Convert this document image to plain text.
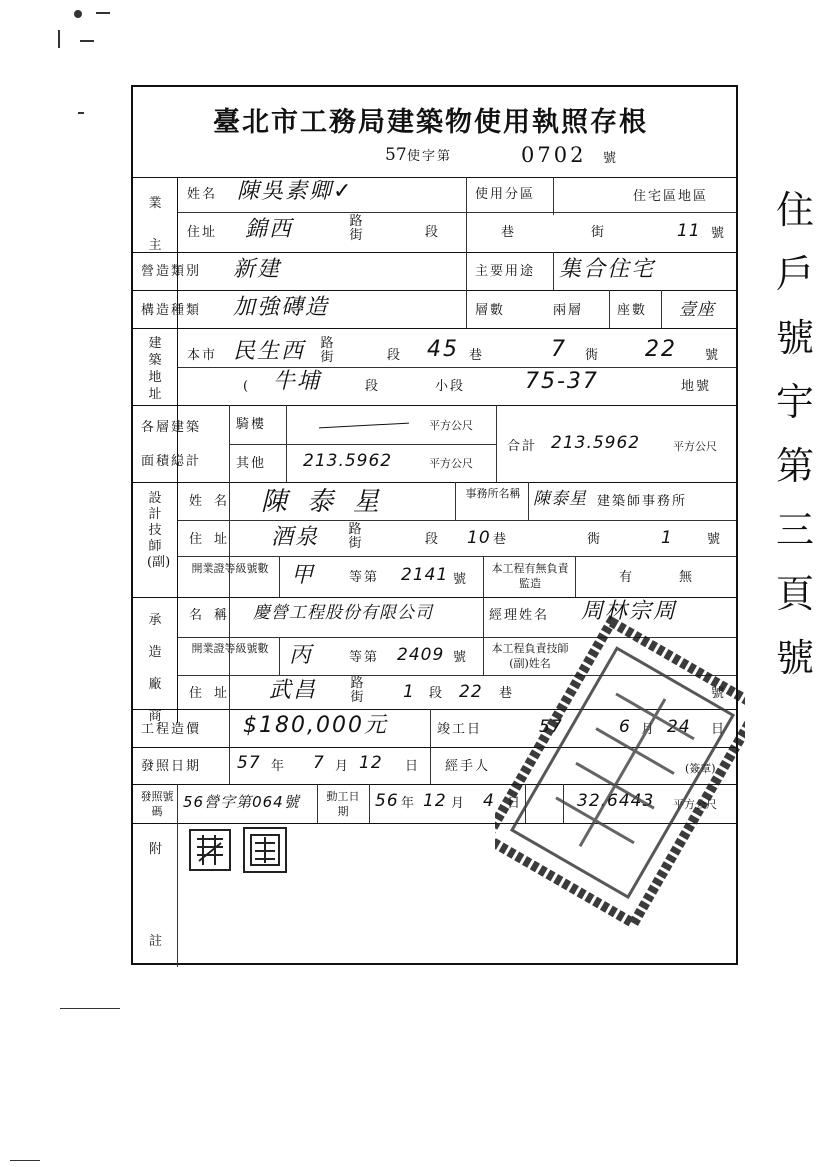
住戶號宇第 三頁號
臺北市工務局建築物使用執照存根
57 使字第	0702 號
業主
姓名 陳吳素卿✓	使用分區	住宅區地區
住址 錦西	路街	段	巷	街	11 號
營造類別 新建	主要用途 集合住宅
構造種類 加強磚造	層數	兩層	座數 壹座
建築地址
本市 民生西 路街	段 45 巷	7 衖 22 號
( 牛埔	段	小段	75-37	地號
各層建築
面積縂計
騎樓	平方公尺
其他 213.5962	平方公尺
合計 213.5962	平方公尺
設計技師(副)
姓名 陳泰星	事務所名稱 陳泰星 建築師事務所
住址 酒泉 路街	段 10 巷	衖	1	號
開業證等級號數 甲	等第 2141 號
本工程有無負責監造	有	無
承造廠商
名稱 慶營工程股份有限公司	經理姓名 周林宗周
開業證等級號數 丙	等第 2409 號
本工程負責技師(副)姓名
住址 武昌	路街 1 段 22 巷	號
工程造價 $180,000元	竣工日	57	6 月 24 日
發照日期 57 年 7 月 12 日 經手人	(簽章)
發照號碼
56營字第064號	動工日期
56 年 12 月 4 日	32.6443 平方公尺
附
註
